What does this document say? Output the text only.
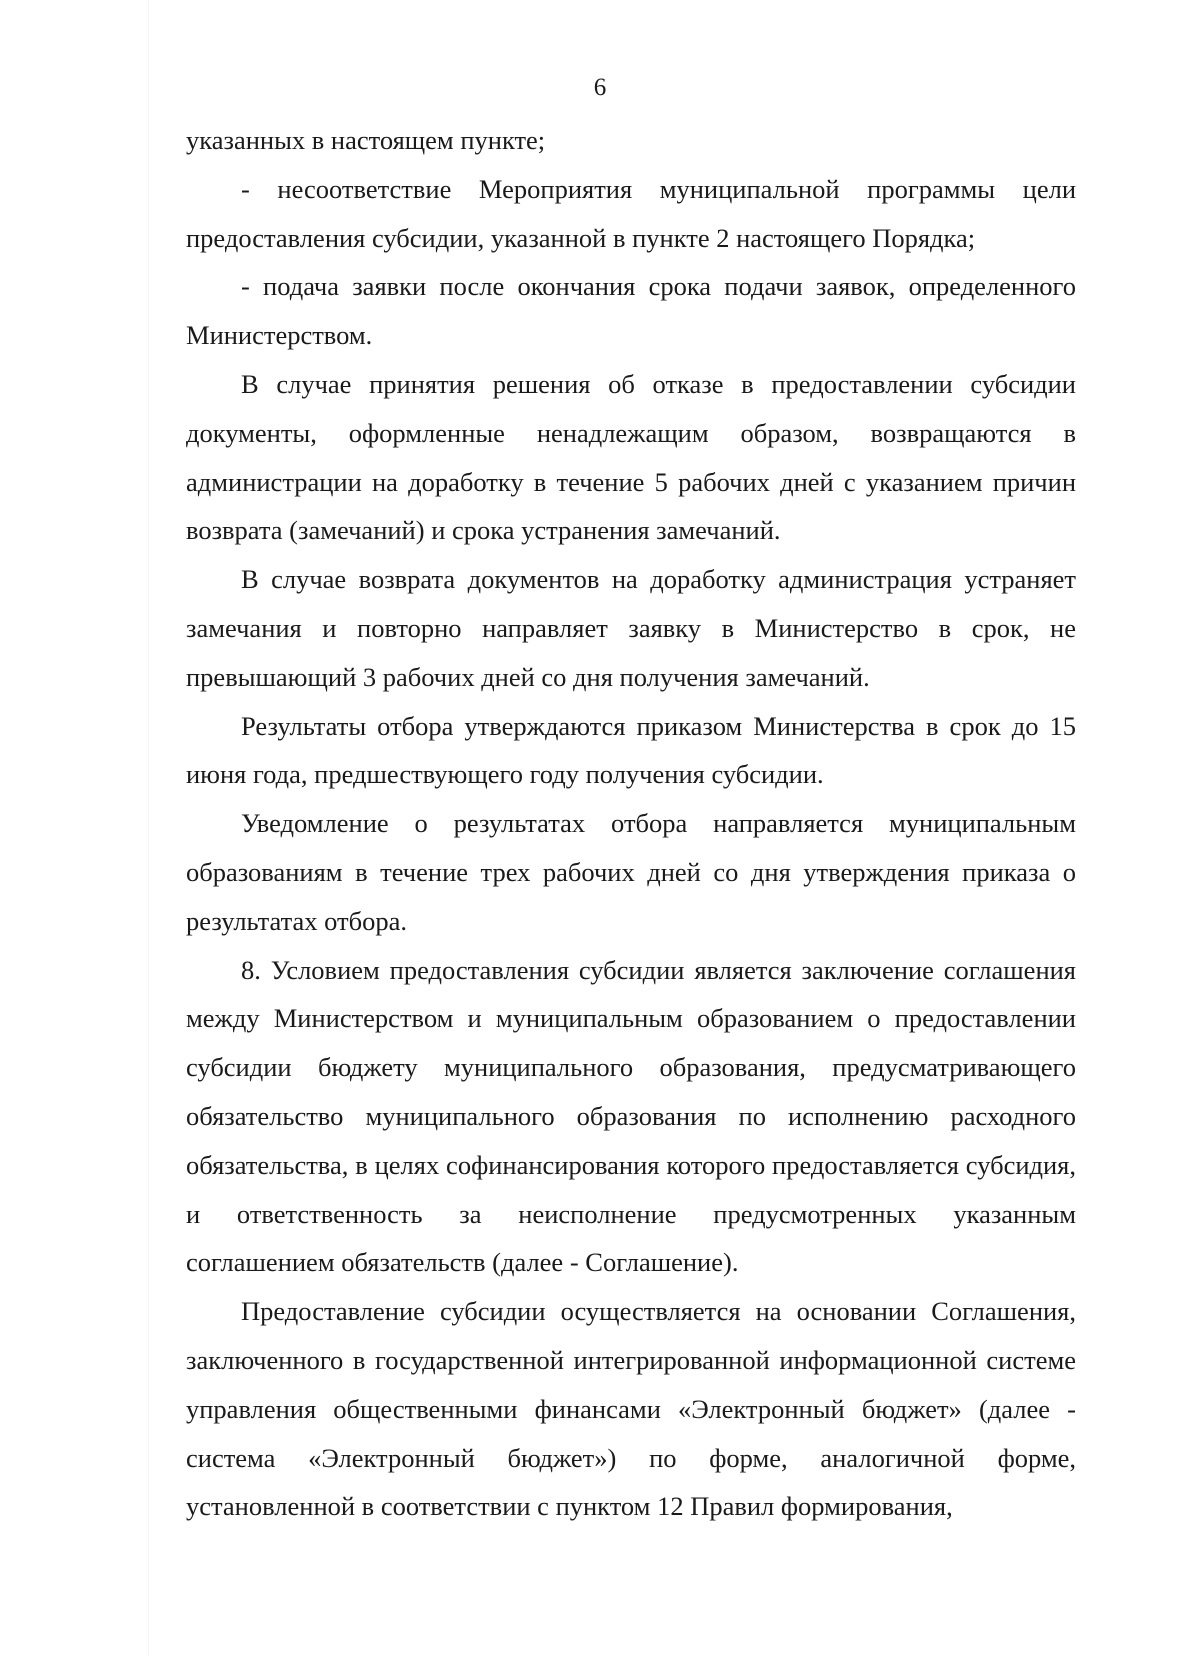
6

указанных в настоящем пункте;

- несоответствие Мероприятия муниципальной программы цели предоставления субсидии, указанной в пункте 2 настоящего Порядка;

- подача заявки после окончания срока подачи заявок, определенного Министерством.

В случае принятия решения об отказе в предоставлении субсидии документы, оформленные ненадлежащим образом, возвращаются в администрации на доработку в течение 5 рабочих дней с указанием причин возврата (замечаний) и срока устранения замечаний.

В случае возврата документов на доработку администрация устраняет замечания и повторно направляет заявку в Министерство в срок, не превышающий 3 рабочих дней со дня получения замечаний.

Результаты отбора утверждаются приказом Министерства в срок до 15 июня года, предшествующего году получения субсидии.

Уведомление о результатах отбора направляется муниципальным образованиям в течение трех рабочих дней со дня утверждения приказа о результатах отбора.

8. Условием предоставления субсидии является заключение соглашения между Министерством и муниципальным образованием о предоставлении субсидии бюджету муниципального образования, предусматривающего обязательство муниципального образования по исполнению расходного обязательства, в целях софинансирования которого предоставляется субсидия, и ответственность за неисполнение предусмотренных указанным соглашением обязательств (далее - Соглашение).

Предоставление субсидии осуществляется на основании Соглашения, заключенного в государственной интегрированной информационной системе управления общественными финансами «Электронный бюджет» (далее - система «Электронный бюджет») по форме, аналогичной форме, установленной в соответствии с пунктом 12 Правил формирования,
